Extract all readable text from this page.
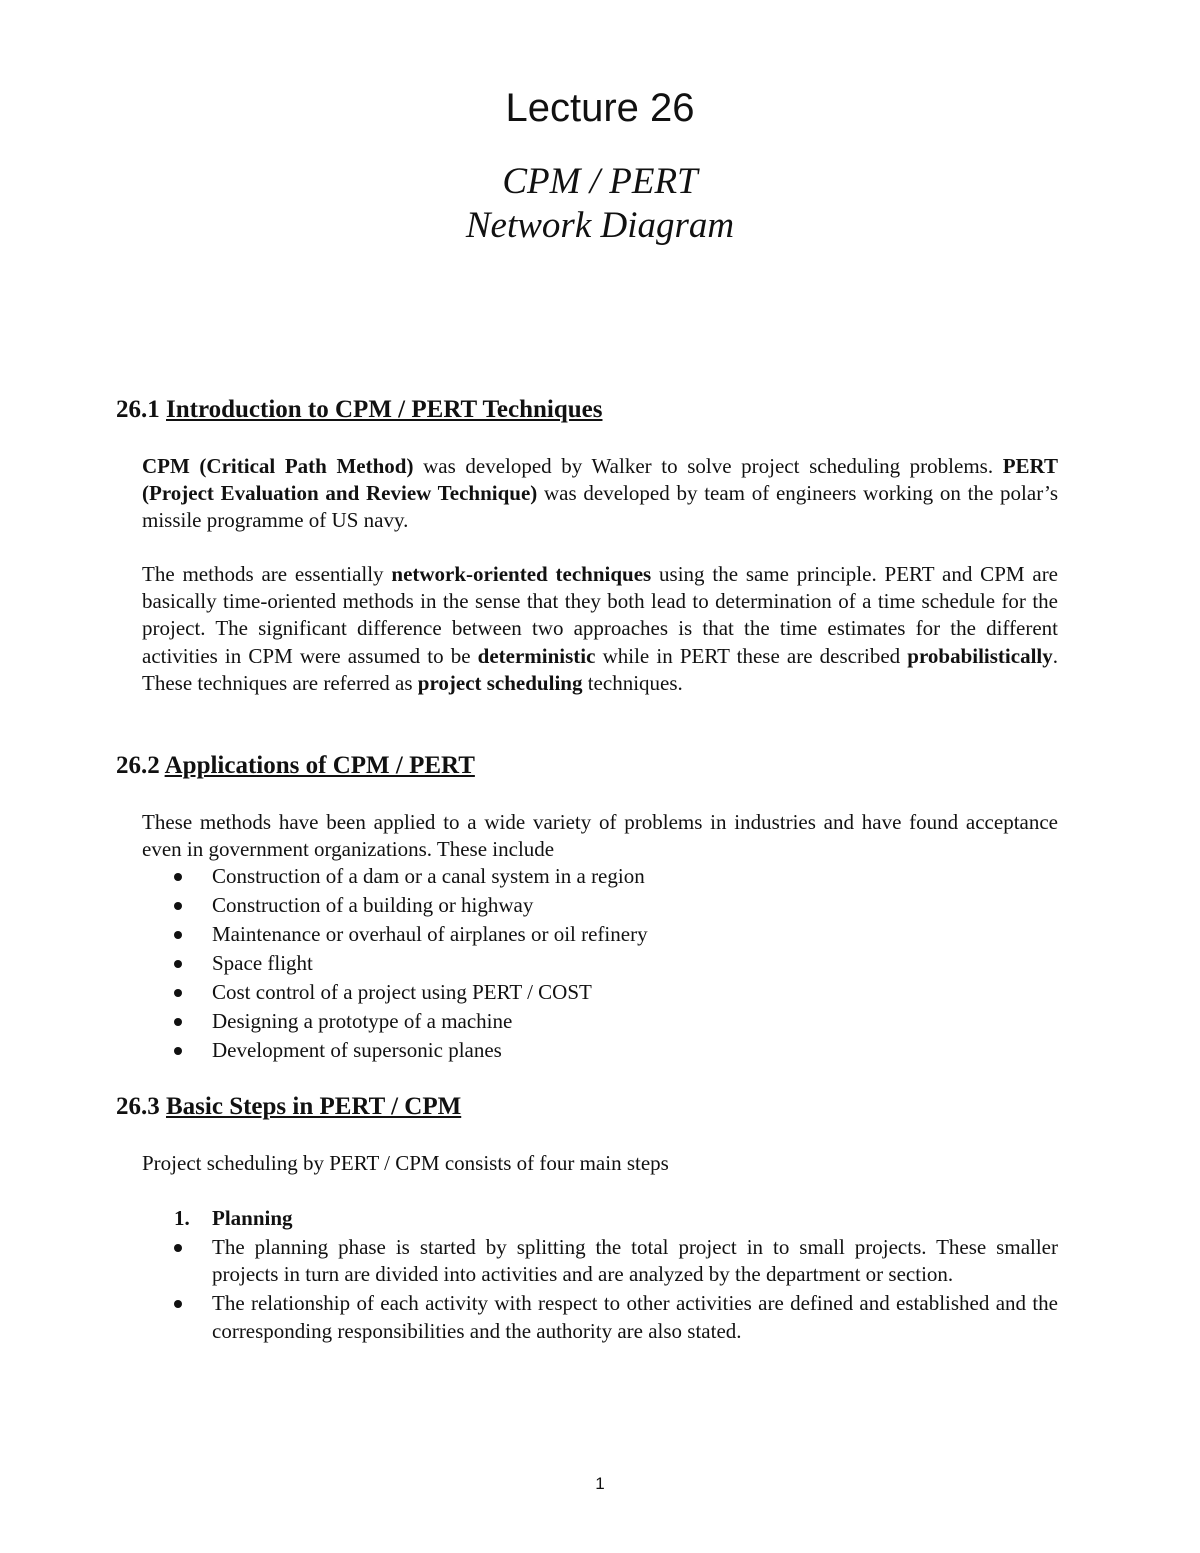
Lecture 26
CPM / PERT
Network Diagram
26.1 Introduction to CPM / PERT Techniques

CPM (Critical Path Method) was developed by Walker to solve project scheduling problems. PERT (Project Evaluation and Review Technique) was developed by team of engineers working on the polar’s missile programme of US navy.

The methods are essentially network-oriented techniques using the same principle. PERT and CPM are basically time-oriented methods in the sense that they both lead to determination of a time schedule for the project. The significant difference between two approaches is that the time estimates for the different activities in CPM were assumed to be deterministic while in PERT these are described probabilistically. These techniques are referred as project scheduling techniques.

26.2 Applications of CPM / PERT

These methods have been applied to a wide variety of problems in industries and have found acceptance even in government organizations. These include

Construction of a dam or a canal system in a region
Construction of a building or highway
Maintenance or overhaul of airplanes or oil refinery
Space flight
Cost control of a project using PERT / COST
Designing a prototype of a machine
Development of supersonic planes
26.3 Basic Steps in PERT / CPM

Project scheduling by PERT / CPM consists of four main steps

1. Planning
The planning phase is started by splitting the total project in to small projects. These smaller projects in turn are divided into activities and are analyzed by the department or section.
The relationship of each activity with respect to other activities are defined and established and the corresponding responsibilities and the authority are also stated.
1
